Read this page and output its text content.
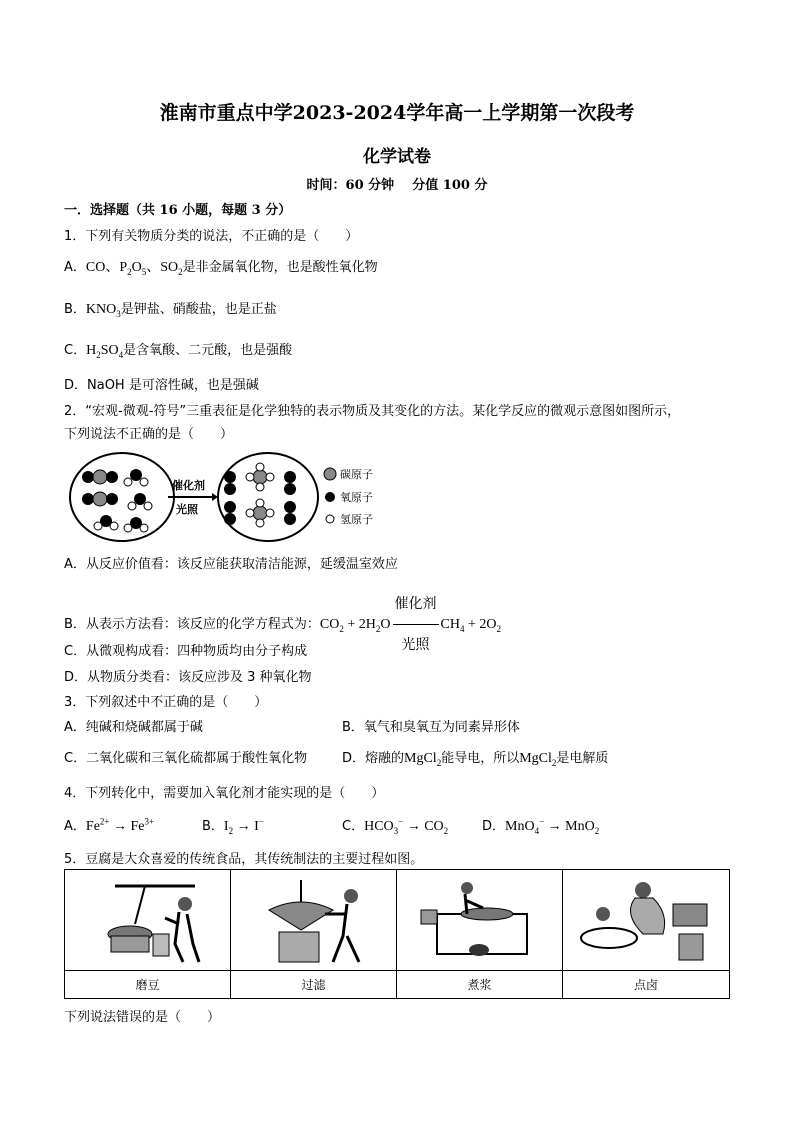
淮南市重点中学2023-2024学年高一上学期第一次段考
化学试卷
时间：60 分钟 分值 100 分
一．选择题（共 16 小题，每题 3 分）
1．下列有关物质分类的说法，不正确的是（　　）
A．CO、$P_2O_5$、$SO_2$是非金属氧化物，也是酸性氧化物
B．$KNO_3$是钾盐、硝酸盐，也是正盐
C．$H_2SO_4$是含氧酸、二元酸，也是强酸
D．NaOH 是可溶性碱，也是强碱
2．“宏观-微观-符号”三重表征是化学独特的表示物质及其变化的方法。某化学反应的微观示意图如图所示，
下列说法不正确的是（　　）
催化剂
光照
碳原子
氧原子
氢原子
A．从反应价值看：该反应能获取清洁能源，延缓温室效应
B．从表示方法看：该反应的化学方程式为：$CO_2 + 2H_2O \frac{\text{催化剂}}{\text{光照}} CH_4 + 2O_2$
C．从微观构成看：四种物质均由分子构成
D．从物质分类看：该反应涉及 3 种氧化物
3．下列叙述中不正确的是（　　）
A．纯碱和烧碱都属于碱	B．氧气和臭氧互为同素异形体
C．二氧化碳和三氧化硫都属于酸性氧化物	D．熔融的MgCl$_2$能导电，所以MgCl$_2$是电解质
4．下列转化中，需要加入氧化剂才能实现的是（　　）
A．$Fe^{2+} \to Fe^{3+}$	B．$I_2 \to I^-$	C．$HCO_3^- \to CO_2$	D．MnO$_4$− → MnO$_2$
5．豆腐是大众喜爱的传统食品，其传统制法的主要过程如图。
磨豆	过滤	煮浆	点卤
下列说法错误的是（　　）
